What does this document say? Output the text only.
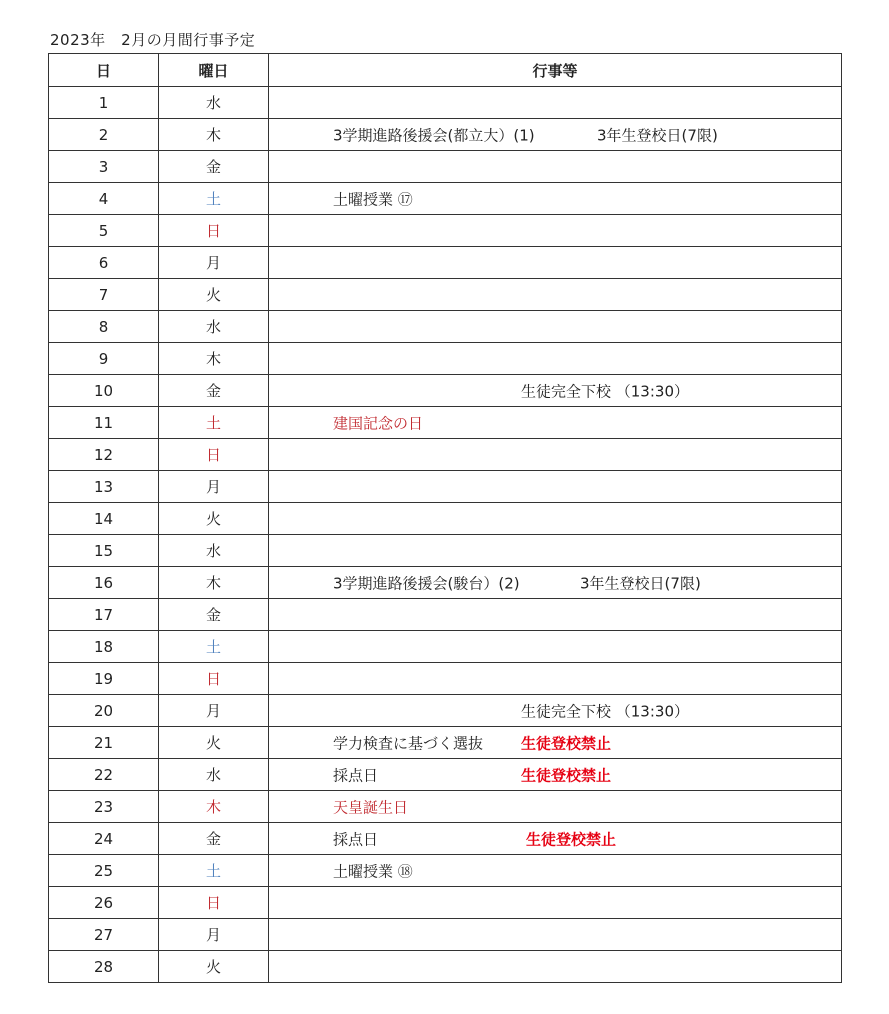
2023年　2月の月間行事予定
日	曜日	行事等
1	水	
2	木	3学期進路後援会(都立大）(1) 3年生登校日(7限)

3	金	
4	土	土曜授業 ⑰

5	日	
6	月	
7	火	
8	水	
9	木	
10	金	生徒完全下校 （13:30）

11	土	建国記念の日

12	日	
13	月	
14	火	
15	水	
16	木	3学期進路後援会(駿台）(2) 3年生登校日(7限)

17	金	
18	土	
19	日	
20	月	生徒完全下校 （13:30）

21	火	学力検査に基づく選抜 生徒登校禁止

22	水	採点日 生徒登校禁止

23	木	天皇誕生日

24	金	採点日 生徒登校禁止

25	土	土曜授業 ⑱

26	日	
27	月	
28	火	
